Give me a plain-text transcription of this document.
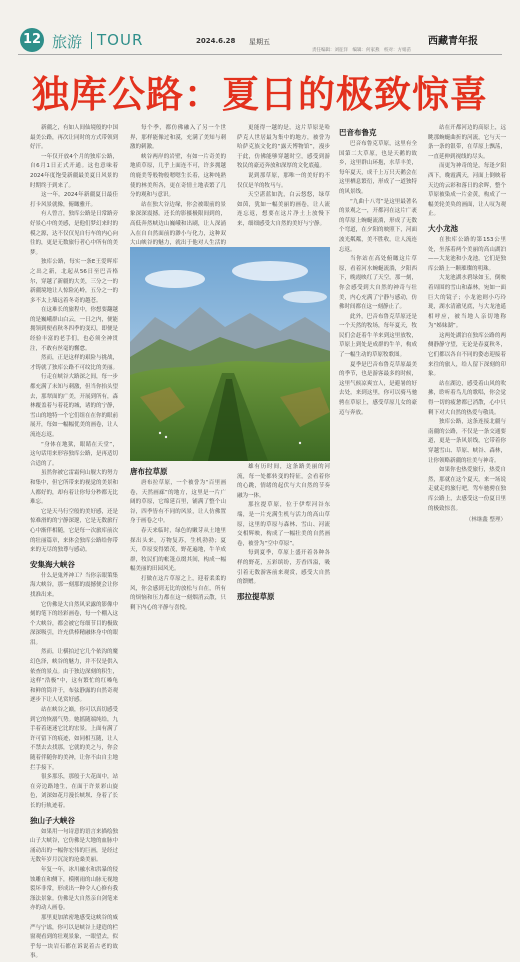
12 旅游 TOUR	2024.6.28 星期五	西藏青年报
责任编辑：刘征洋　编辑：何家燕　校对：方娟苗
独库公路：夏日的极致惊喜

新疆之，有如人间仙境般的中国最美公路，再次让同时的方式带领到好汗。

一年仅开放4个月的独库公路，自6月1日正式开通。这也意味着2024年度饱受新疆最美夏日风景的时期终于到来了。

这一年，2024年新疆夏日最佳打卡风景就像，俯瞰雅开。

有人曾言，独库公路是日常路旁好景心中的美感，是他们梦幻来时的模之源，达不仅仅见自行车的内心向往的，更是无数旅行者心中所有的美梦。

独库公路，每实一条E王爱晖库之出之新，北起从56日至巴音格尔，穿越了新疆的大美，三分之一的新疆境地让人惊险沁岭，五分之一的多不太上墙远着冬奇的越苍。

在这难长的旅程中，你想要翻越的是巍峨群山白云，一日之内，便能拥领到便看秋冬四季的变幻，即便是经验丰富的老手们，也必须全神贯注，不敢有丝毫的懈怠。

然而，正是这样的艰险与挑战，才铸就了独库公路不可纹比的美丽。

行走在峡谷大路深之间，每一步都充满了未知与刺激，但当你抬头望去，那翠面的广美，开展到所有，森林覆盖着与着花的城，诸的的宁静，雪山的地特一个它们组在在你的眼前展开，每如一幅幅优美的画卷，让人流连忘返。

“身体在地狱，眼睛在天堂”，这句话用来形容独库公路，是再适切合适的了。

虽然你被它雷霜何山舰大的努力和集中，但它所带来的视觉的美景和人都好的，却有着让你每分秒都无比难忘。

它是天马行空般的美好感，还是惊难滑的的宁静深邃，它是无数旅行心中渐伴相随，它是每一次旅库前次的壮丽篇章，来体会独库公路给你带来的无尽的独尊与感动。

安集海大峡谷

什么是鬼斧神工？当你亲眼策集海大峡谷，那一刻那的震撼便会让你找准出来。

它仿佛是大自然风采露的影像中刻的笔下的经彩画卷，每一个棚入这个大峡谷，都会被它每细节目的极致深深吸引，许充供棒精融体身中的眼泪。

然而，让横拍过它几个依沟的魔幻色泽，峡谷的魅力，并不仅是供入依查的景点。由于独边深刻的积生，这样“浩极”中，这有繁忙的红嗓龟和鲜的筒并于，布弦静露的自然奇观逐步下让人见赏好感。

站在峡谷之巅，你可以真切感受到它的恢溺气势。她摇随端纯给，九手着着迷迷它比的宏景，上面有满了许可留下的痕迹，如同相互随，让人不禁去去找那，它就的美之与，你会随着伴随你的美神，让你不由自主地拦手接下。

很多那乐，那般于大花面中，站在旁边路地生，在面于许景彩山旋色，刘深如花月漫长峡坝、身着了长长的行轨迹着。

独山子大峡谷

如果用一句诗意的语言来描绘独山子大峡谷，它仿佛是大地的血脉中涌动出的一幅你宏伟的巨画，是经过无数年岁月沉淀的沧桑美丽。

年复一年，冰川融水和洪暴的侵蚀雕在和侧下，模刚雨的山脉无视地裂坏非常，形成出一种令人心修有我涤法景象。仿佛是大自然亲自剑笔来亦的动人画卷。

那里更加浓密地感受这峡谷的威严与宁谧，你可以是峡谷上建造的栏窗观看到的壮观景象，一眼望去，似乎每一块岩石都在诉说着古老的故事。

每个季，都仿佛融入了另一个世界，那样能像过和漠，充满了美知与刺激的刺激。

峡谷两岸的岩壁，有如一片奇美的地质草原，几乎上面连不可，许多拥越的鹿美等般物般嗯嗯生长着，这种纯熟使的林美所各，更在奇情土地表繁了几分的观和与意识。

站在独大谷边缘，你会被眼前的景象深深震撼。还长的影摄极限间到的，高低奔然峡边山巍峨和出刷，让人深涌入在自自然面前的渺小与化力，这种双大山峡谷的魅力，就出于他对人生活的

更能得一越的是，这片草原是哈萨克人世居最为集中的地方，被誉为哈萨克族文化的“露天博物馆”，漫步于此，仿佛能够穿越时空，感受到游牧民的豪迈奔放和深厚的文化底蕴。

说到那草原，那唯一的美好的不仅仅是羊的牧马与。

天空湛蓝如洗，白云悠悠，绿草如茵，犹如一幅美丽的画卷，让人流连忘返，想要在这片净土上放慢下来，细细感受大自然的美好与宁静。

唐布拉草原

唐布拉草原，一个被誉为“百里画卷，天然画廊”的地方，这里是一片广阔的草原，它绵延百里，铺满了整个山谷，四季皆有不同的风景，让人仿佛置身于画卷之中。

春天来临时，绿色的嫩芽从土地里探出头来，万物复苏，生机勃勃；夏天，草原变得繁茂，野花遍地，牛羊成群，牧民们的帐篷点缀其间，构成一幅幅美丽的田园风光。

打做在这片草原之上，迎着柔柔的风，你会感到无比的放松与自在，所有的烦恼和压力都在这一刻烟消云散，只剩下内心的平静与喜悦。

雄有历时间，这条路美丽的河流，每一处都转变的特征，会看着你的心跳，情绪的起伏与大自然的节奏融为一体。

那拉提草原，位于伊犁河谷东端，是一片充满生机与活力的高山草原，这里的草原与森林、雪山、河流交相辉映，构成了一幅壮美的自然画卷，被誉为“空中草原”。

每到夏季，草原上盛开着各种各样的野花，五彩缤纷，芳香四溢，吸引着无数游客前来观赏，感受大自然的馈赠。

那拉提草原
巴音布鲁克

巴音布鲁克草原，这里有全国第二大草原，也是天鹅的故乡，这里群山环抱，水草丰美，每年夏天，成千上万只天鹅会在这里栖息繁衍，形成了一道独特的风景线。

“九曲十八弯”是这里最著名的景观之一，开都河在这片广袤的草原上蜿蜒流淌，形成了无数个弯道，在夕阳的映照下，河面波光粼粼，美不胜收，让人流连忘返。

当你站在高处俯瞰这片草原，看着河水蜿蜒流淌，夕阳西下，晚霞映红了天空，那一刻，你会感受到大自然的神奇与壮美，内心充满了宁静与感动，仿佛时间都在这一刻静止了。

此外，巴音布鲁克草原还是一个天然的牧场，每年夏天，牧民们会赶着牛羊来到这里放牧，草原上到处是成群的牛羊，构成了一幅生动的草原牧歌图。

夏季是巴音布鲁克草原最美的季节，也是游客最多的时候，这里气候凉爽宜人，是避暑的好去处，来到这里，你可以骑马驰骋在草原上，感受草原儿女的豪迈与奔放。

站在开都河边的高原上，远眺那蜿蜒曲折的河流，它与天一条一条的银带，在草原上飘荡，一直延伸到视线的尽头。

而更为神奇的是，每逢夕阳西下，晚霞满天，河面上倒映着天边的云彩和落日的余晖，整个草原被染成一片金黄，构成了一幅美轮美奂的画面，让人叹为观止。

大小龙池

在独库公路的第153公里处，坐落着两个美丽的高山湖泊——大龙池和小龙池，它们是独库公路上一颗璀璨的明珠。

大龙池湖水碧绿如玉，倒映着周围的雪山和森林，宛如一面巨大的镜子；小龙池则小巧玲珑，湖水清澈见底，与大龙池遥相呼应，被当地人亲切地称为“姊妹湖”。

这两处湖泊在独库公路的两侧静静守望，无论是春夏秋冬，它们都以各自不同的姿态迎接着来往的旅人，给人留下深刻的印象。

站在湖边，感受着山风的吹拂，聆听着鸟儿的歌唱，你会觉得一切的疲惫都已消散，心中只剩下对大自然的热爱与敬畏。

独库公路，这条连接北疆与南疆的公路，不仅是一条交通要道，更是一条风景线，它带着你穿越雪山、草原、峡谷、森林，让你领略新疆的壮美与神奇。

如果你也热爱旅行，热爱自然，那就在这个夏天，来一场说走就走的旅行吧，驾车驰骋在独库公路上，去感受这一份夏日里的极致惊喜。

（林继鑫 整理）
